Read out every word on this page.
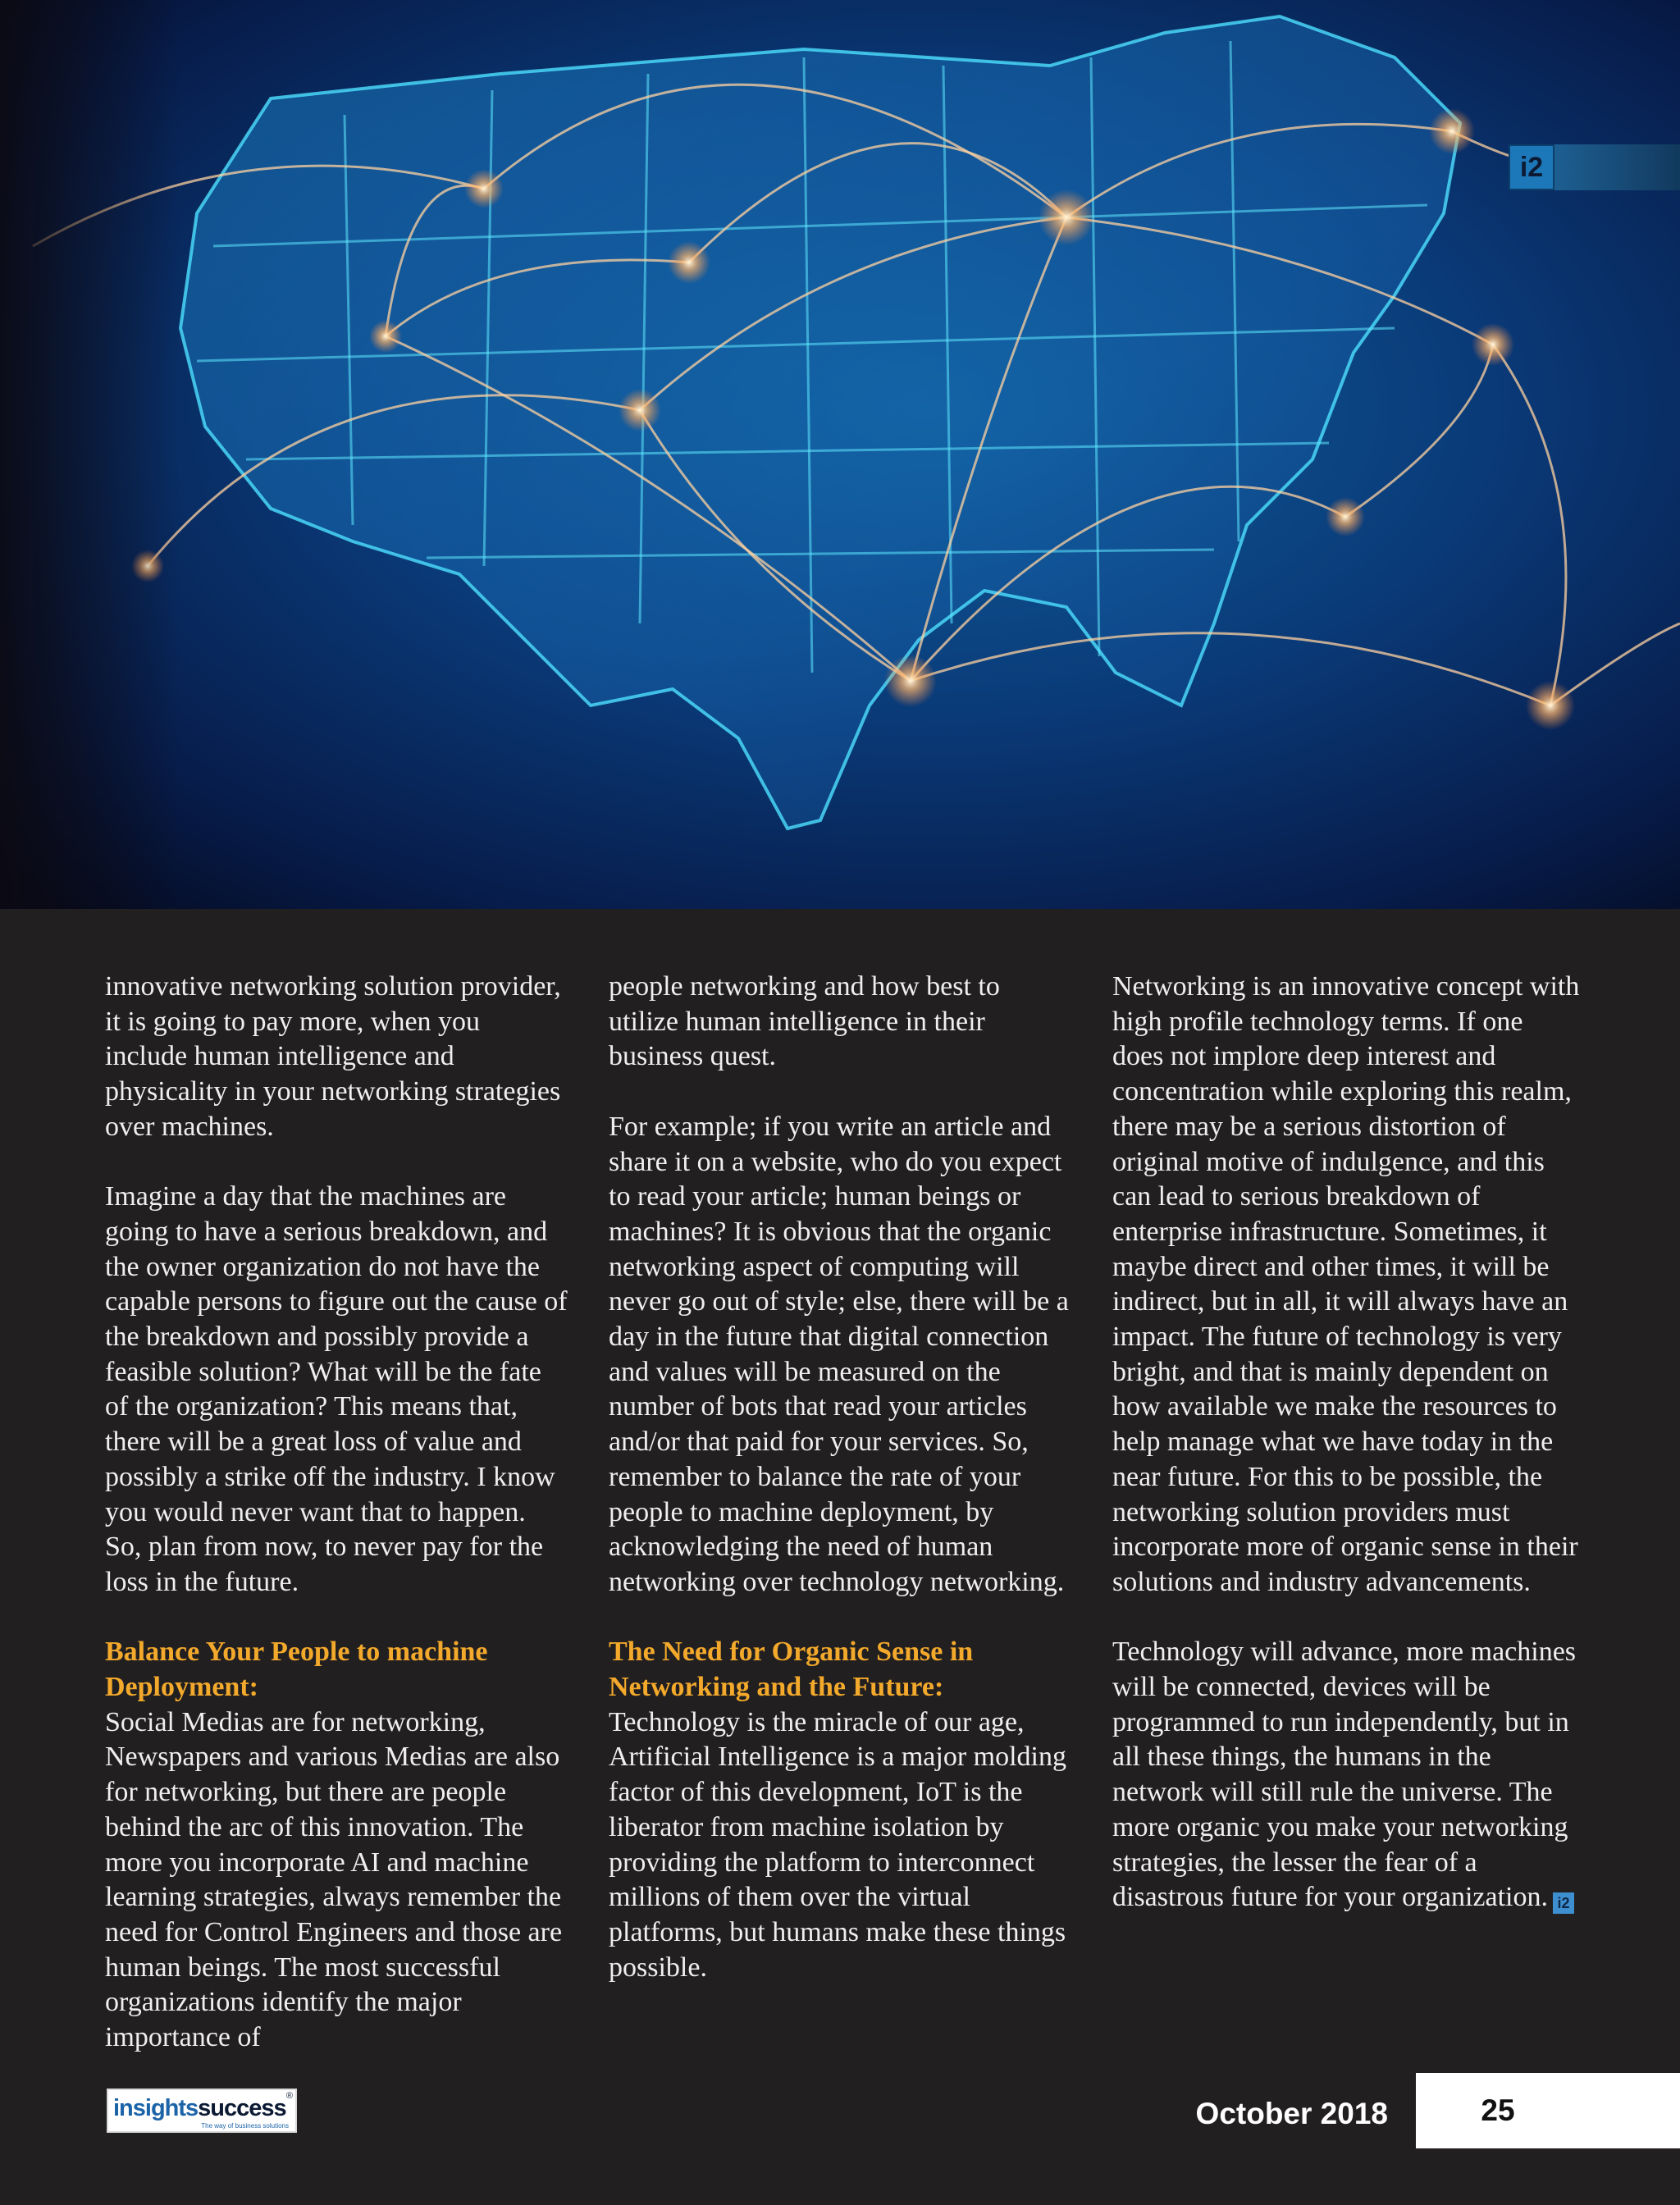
i2

innovative networking solution provider, it is going to pay more, when you include human intelligence and physicality in your networking strategies over machines.

Imagine a day that the machines are going to have a serious breakdown, and the owner organization do not have the capable persons to figure out the cause of the breakdown and possibly provide a feasible solution? What will be the fate of the organization? This means that, there will be a great loss of value and possibly a strike off the industry. I know you would never want that to happen. So, plan from now, to never pay for the loss in the future.

Balance Your People to machine Deployment:

Social Medias are for networking, Newspapers and various Medias are also for networking, but there are people behind the arc of this innovation. The more you incorporate AI and machine learning strategies, always remember the need for Control Engineers and those are human beings. The most successful organizations identify the major importance of

people networking and how best to utilize human intelligence in their business quest.

For example; if you write an article and share it on a website, who do you expect to read your article; human beings or machines? It is obvious that the organic networking aspect of computing will never go out of style; else, there will be a day in the future that digital connection and values will be measured on the number of bots that read your articles and/or that paid for your services. So, remember to balance the rate of your people to machine deployment, by acknowledging the need of human networking over technology networking.

The Need for Organic Sense in Networking and the Future:

Technology is the miracle of our age, Artificial Intelligence is a major molding factor of this development, IoT is the liberator from machine isolation by providing the platform to interconnect millions of them over the virtual platforms, but humans make these things possible.

Networking is an innovative concept with high profile technology terms. If one does not implore deep interest and concentration while exploring this realm, there may be a serious distortion of original motive of indulgence, and this can lead to serious breakdown of enterprise infrastructure. Sometimes, it maybe direct and other times, it will be indirect, but in all, it will always have an impact. The future of technology is very bright, and that is mainly dependent on how available we make the resources to help manage what we have today in the near future. For this to be possible, the networking solution providers must incorporate more of organic sense in their solutions and industry advancements.

Technology will advance, more machines will be connected, devices will be programmed to run independently, but in all these things, the humans in the network will still rule the universe. The more organic you make your networking strategies, the lesser the fear of a disastrous future for your organization. i2

insightssuccess ®
The way of business solutions	October 2018	25
